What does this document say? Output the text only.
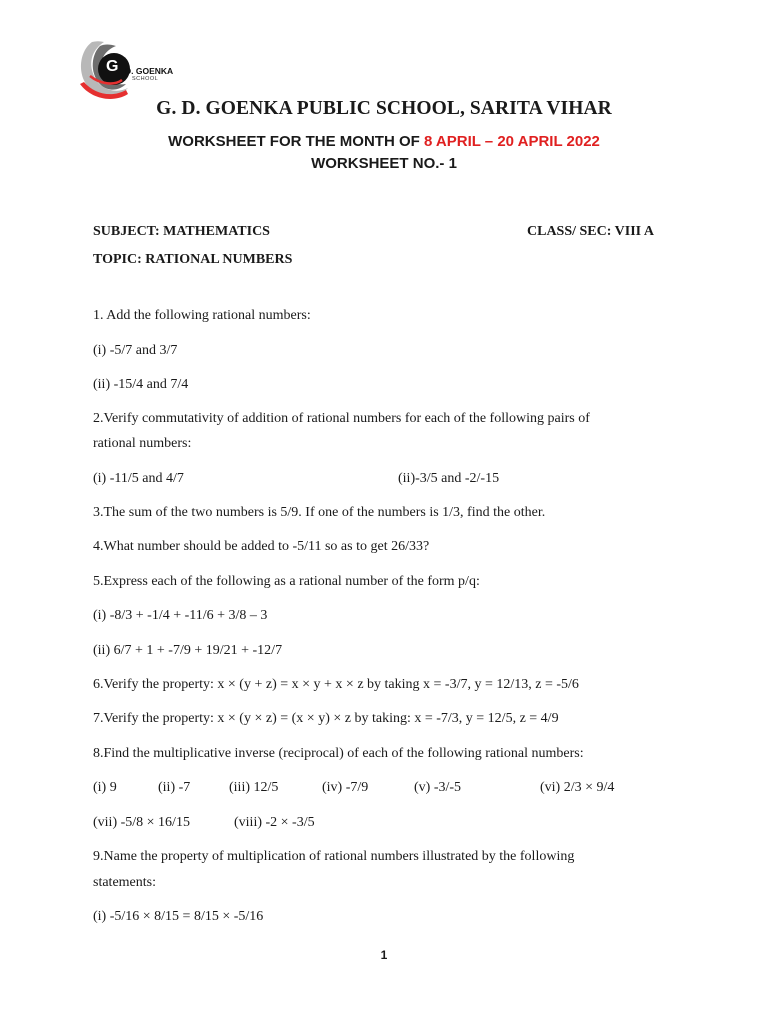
G D. GOENKA
SCHOOL
G. D. GOENKA PUBLIC SCHOOL, SARITA VIHAR
WORKSHEET FOR THE MONTH OF 8 APRIL – 20 APRIL 2022
WORKSHEET NO.- 1
SUBJECT: MATHEMATICS	CLASS/ SEC: VIII A
TOPIC: RATIONAL NUMBERS
1. Add the following rational numbers:
(i) -5/7 and 3/7
(ii) -15/4 and 7/4
2.Verify commutativity of addition of rational numbers for each of the following pairs of
rational numbers:
(i) -11/5 and 4/7	(ii)-3/5 and -2/-15
3.The sum of the two numbers is 5/9. If one of the numbers is 1/3, find the other.
4.What number should be added to -5/11 so as to get 26/33?
5.Express each of the following as a rational number of the form p/q:
(i) -8/3 + -1/4 + -11/6 + 3/8 – 3
(ii) 6/7 + 1 + -7/9 + 19/21 + -12/7
6.Verify the property: x × (y + z) = x × y + x × z by taking x = -3/7, y = 12/13, z = -5/6
7.Verify the property: x × (y × z) = (x × y) × z by taking: x = -7/3, y = 12/5, z = 4/9
8.Find the multiplicative inverse (reciprocal) of each of the following rational numbers:
(i) 9	(ii) -7	(iii) 12/5	(iv) -7/9	(v) -3/-5	(vi) 2/3 × 9/4
(vii) -5/8 × 16/15	(viii) -2 × -3/5
9.Name the property of multiplication of rational numbers illustrated by the following
statements:
(i) -5/16 × 8/15 = 8/15 × -5/16
1
